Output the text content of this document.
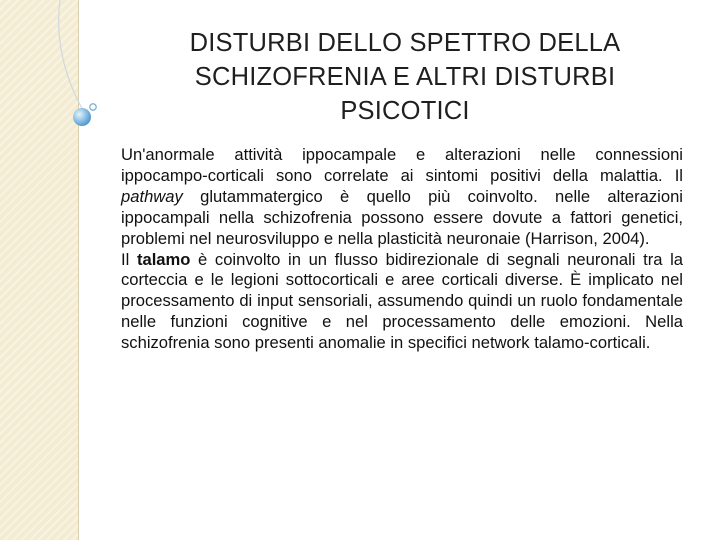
DISTURBI DELLO SPETTRO DELLA
SCHIZOFRENIA E ALTRI DISTURBI
PSICOTICI

Un'anormale attività ippocampale e alterazioni nelle connessioni ippocampo-corticali sono correlate ai sintomi positivi della malattia. Il pathway glutammatergico è quello più coinvolto. nelle alterazioni ippocampali nella schizofrenia possono essere dovute a fattori genetici, problemi nel neurosviluppo e nella plasticità neuronaie (Harrison, 2004).

Il talamo è coinvolto in un flusso bidirezionale di segnali neuronali tra la corteccia e le legioni sottocorticali e aree corticali diverse. È implicato nel processamento di input sensoriali, assumendo quindi un ruolo fondamentale nelle funzioni cognitive e nel processamento delle emozioni. Nella schizofrenia sono presenti anomalie in specifici network talamo-corticali.
